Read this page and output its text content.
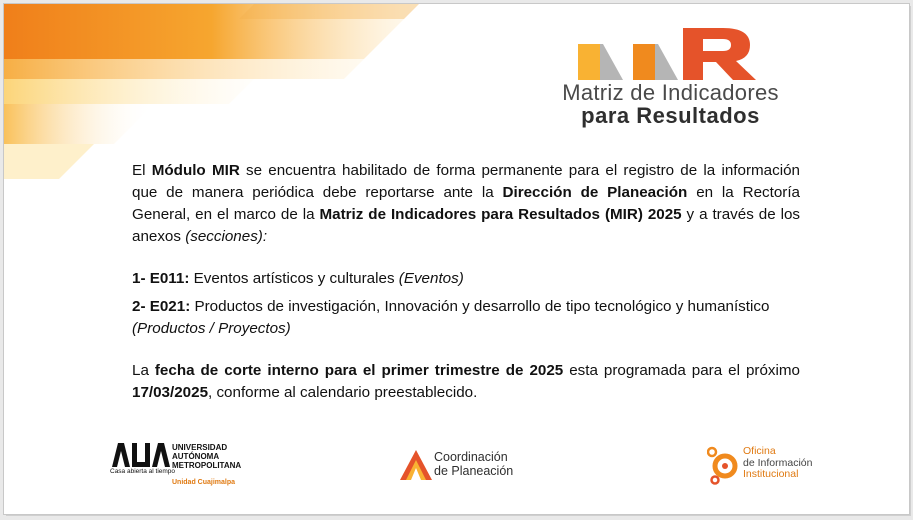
Matriz de Indicadores
para Resultados

El Módulo MIR se encuentra habilitado de forma permanente para el registro de la información que de manera periódica debe reportarse ante la Dirección de Planeación en la Rectoría General, en el marco de la Matriz de Indicadores para Resultados (MIR) 2025 y a través de los anexos (secciones):

1- E011: Eventos artísticos y culturales (Eventos)

2- E021: Productos de investigación, Innovación y desarrollo de tipo tecnológico y humanístico (Productos / Proyectos)

La fecha de corte interno para el primer trimestre de 2025 esta programada para el próximo 17/03/2025, conforme al calendario preestablecido.

Casa abierta al tiempo
UNIVERSIDAD
AUTÓNOMA
METROPOLITANA
Unidad Cuajimalpa
Coordinación
de Planeación
Oficina
de Información
Institucional
